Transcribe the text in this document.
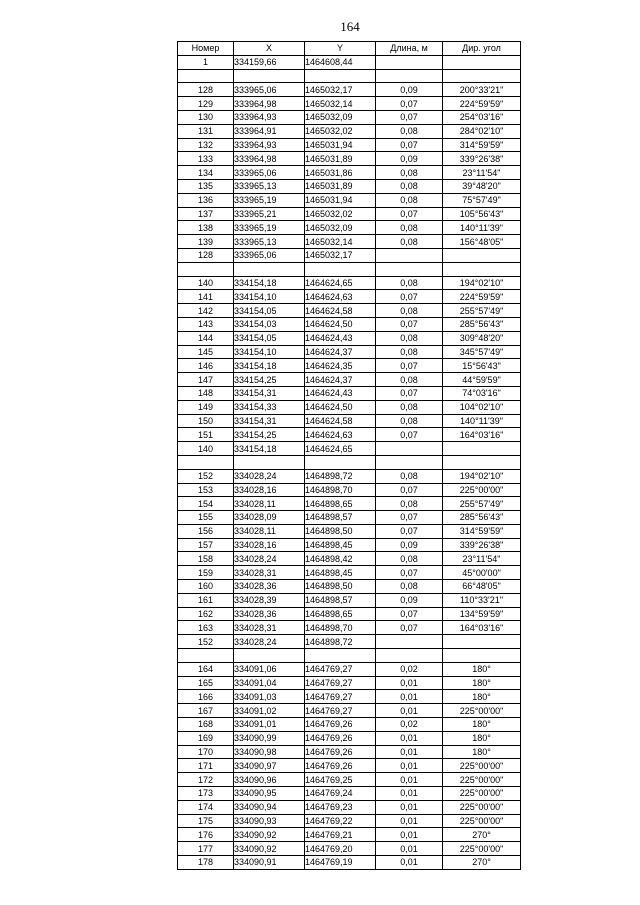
164
Номер	X	Y	Длина, м	Дир. угол
1	334159,66	1464608,44		

128	333965,06	1465032,17	0,09	200°33'21"
129	333964,98	1465032,14	0,07	224°59'59"
130	333964,93	1465032,09	0,07	254°03'16"
131	333964,91	1465032,02	0,08	284°02'10"
132	333964,93	1465031,94	0,07	314°59'59"
133	333964,98	1465031,89	0,09	339°26'38"
134	333965,06	1465031,86	0,08	23°11'54"
135	333965,13	1465031,89	0,08	39°48'20"
136	333965,19	1465031,94	0,08	75°57'49"
137	333965,21	1465032,02	0,07	105°56'43"
138	333965,19	1465032,09	0,08	140°11'39"
139	333965,13	1465032,14	0,08	156°48'05"
128	333965,06	1465032,17		

140	334154,18	1464624,65	0,08	194°02'10"
141	334154,10	1464624,63	0,07	224°59'59"
142	334154,05	1464624,58	0,08	255°57'49"
143	334154,03	1464624,50	0,07	285°56'43"
144	334154,05	1464624,43	0,08	309°48'20"
145	334154,10	1464624,37	0,08	345°57'49"
146	334154,18	1464624,35	0,07	15°56'43"
147	334154,25	1464624,37	0,08	44°59'59"
148	334154,31	1464624,43	0,07	74°03'16"
149	334154,33	1464624,50	0,08	104°02'10"
150	334154,31	1464624,58	0,08	140°11'39"
151	334154,25	1464624,63	0,07	164°03'16"
140	334154,18	1464624,65		

152	334028,24	1464898,72	0,08	194°02'10"
153	334028,16	1464898,70	0,07	225°00'00"
154	334028,11	1464898,65	0,08	255°57'49"
155	334028,09	1464898,57	0,07	285°56'43"
156	334028,11	1464898,50	0,07	314°59'59"
157	334028,16	1464898,45	0,09	339°26'38"
158	334028,24	1464898,42	0,08	23°11'54"
159	334028,31	1464898,45	0,07	45°00'00"
160	334028,36	1464898,50	0,08	66°48'05"
161	334028,39	1464898,57	0,09	110°33'21"
162	334028,36	1464898,65	0,07	134°59'59"
163	334028,31	1464898,70	0,07	164°03'16"
152	334028,24	1464898,72		

164	334091,06	1464769,27	0,02	180°
165	334091,04	1464769,27	0,01	180°
166	334091,03	1464769,27	0,01	180°
167	334091,02	1464769,27	0,01	225°00'00"
168	334091,01	1464769,26	0,02	180°
169	334090,99	1464769,26	0,01	180°
170	334090,98	1464769,26	0,01	180°
171	334090,97	1464769,26	0,01	225°00'00"
172	334090,96	1464769,25	0,01	225°00'00"
173	334090,95	1464769,24	0,01	225°00'00"
174	334090,94	1464769,23	0,01	225°00'00"
175	334090,93	1464769,22	0,01	225°00'00"
176	334090,92	1464769,21	0,01	270°
177	334090,92	1464769,20	0,01	225°00'00"
178	334090,91	1464769,19	0,01	270°
